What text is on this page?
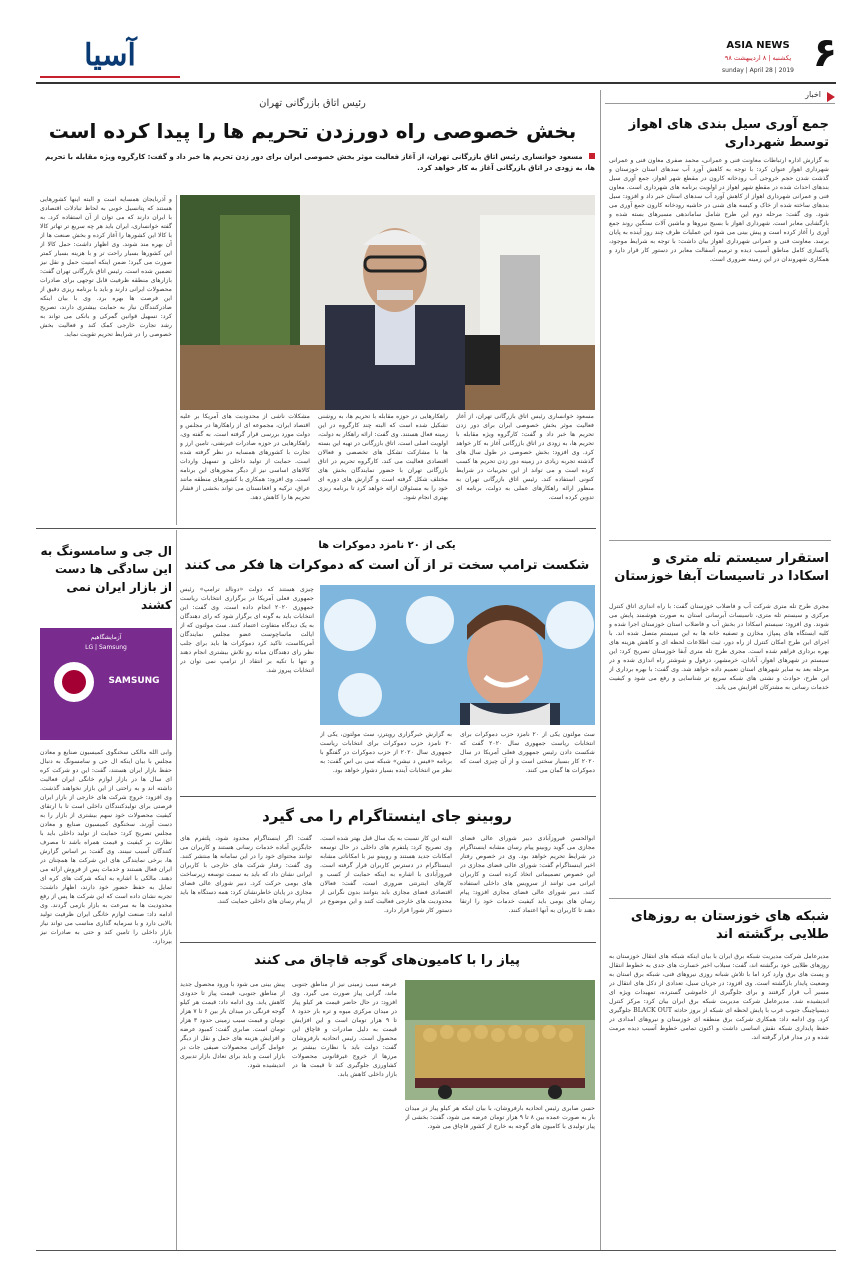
۶
ASIA NEWS
یکشنبه | ۸ اردیبهشت ۹۸
sunday | April 28 | 2019
آسیا
اخبار
جمع آوری سیل بندی های اهواز توسط شهرداری
به گزارش اداره ارتباطات معاونت فنی و عمرانی، محمد صفری معاون فنی و عمرانی شهرداری اهواز عنوان کرد: با توجه به کاهش آورد آب سدهای استان خوزستان و گذشت شدن حجم خروجی آب رودخانه کارون در مقطع شهر اهواز، جمع آوری سیل بندهای احداث شده در مقطع شهر اهواز در اولویت برنامه های شهرداری است. معاون فنی و عمرانی شهرداری اهواز از کاهش آورد آب سدهای استان خبر داد و افزود: سیل بندهای ساخته شده از خاک و کیسه های شنی در حاشیه رودخانه کارون جمع آوری می شود. وی گفت: مرحله دوم این طرح شامل ساماندهی مسیرهای بسته شده و بازگشایی معابر است. شهرداری اهواز با بسیج نیروها و ماشین آلات سنگین روند جمع آوری را آغاز کرده است و پیش بینی می شود این عملیات ظرف چند روز آینده به پایان برسد. معاونت فنی و عمرانی شهرداری اهواز بیان داشت: با توجه به شرایط موجود، پاکسازی کامل مناطق آسیب دیده و ترمیم آسفالت معابر در دستور کار قرار دارد و همکاری شهروندان در این زمینه ضروری است.
استقرار سیستم تله متری و اسکادا در تاسیسات آبفا خوزستان
مجری طرح تله متری شرکت آب و فاضلاب خوزستان گفت: با راه اندازی اتاق کنترل مرکزی و سیستم تله متری، تاسیسات آبرسانی استان به صورت هوشمند پایش می شوند. وی افزود: سیستم اسکادا در بخش آب و فاضلاب استان خوزستان اجرا شده و کلیه ایستگاه های پمپاژ، مخازن و تصفیه خانه ها به این سیستم متصل شده اند. با اجرای این طرح امکان کنترل از راه دور، ثبت اطلاعات لحظه ای و کاهش هزینه های بهره برداری فراهم شده است. مجری طرح تله متری آبفا خوزستان تصریح کرد: این سیستم در شهرهای اهواز، آبادان، خرمشهر، دزفول و شوشتر راه اندازی شده و در مرحله بعد به سایر شهرهای استان تعمیم داده خواهد شد. وی گفت: با بهره برداری از این طرح، حوادث و نشتی های شبکه سریع تر شناسایی و رفع می شود و کیفیت خدمات رسانی به مشترکان افزایش می یابد.
شبکه های خوزستان به روزهای طلایی برگشته اند
مدیرعامل شرکت مدیریت شبکه برق ایران با بیان اینکه شبکه های انتقال خوزستان به روزهای طلایی خود برگشته اند، گفت: سیلاب اخیر خسارت های جدی به خطوط انتقال و پست های برق وارد کرد اما با تلاش شبانه روزی نیروهای فنی، شبکه برق استان به وضعیت پایدار بازگشته است. وی افزود: در جریان سیل، تعدادی از دکل های انتقال در مسیر آب قرار گرفتند و برای جلوگیری از خاموشی گسترده، تمهیدات ویژه ای اندیشیده شد. مدیرعامل شرکت مدیریت شبکه برق ایران بیان کرد: مرکز کنترل دیسپاچینگ جنوب غرب با پایش لحظه ای شبکه از بروز حادثه BLACK OUT جلوگیری کرد. وی ادامه داد: همکاری شرکت برق منطقه ای خوزستان و نیروهای امدادی در حفظ پایداری شبکه نقش اساسی داشت و اکنون تمامی خطوط آسیب دیده مرمت شده و در مدار قرار گرفته اند.
رئیس اتاق بازرگانی تهران
بخش خصوصی راه دورزدن تحریم ها را پیدا کرده است
مسعود خوانساری رئیس اتاق بازرگانی تهران، از آغاز فعالیت موثر بخش خصوصی ایران برای دور زدن تحریم ها خبر داد و گفت: کارگروه ویژه مقابله با تحریم ها، به زودی در اتاق بازرگانی آغاز به کار خواهد کرد.
و آذربایجان همسایه است و البته اینها کشورهایی هستند که پتانسیل خوبی به لحاظ تبادلات اقتصادی با ایران دارند که می توان از آن استفاده کرد. به گفته خوانساری، ایران باید هر چه سریع تر تهاتر کالا با کالا این کشورها را آغاز کرده و بخش صنعت ها از آن بهره مند شوند. وی اظهار داشت: حمل کالا از این کشورها بسیار راحت تر و با هزینه بسیار کمتر صورت می گیرد؛ ضمن اینکه امنیت حمل و نقل نیز تضمین شده است. رئیس اتاق بازرگانی تهران گفت: بازارهای منطقه ظرفیت قابل توجهی برای صادرات محصولات ایرانی دارند و باید با برنامه ریزی دقیق از این فرصت ها بهره برد. وی با بیان اینکه صادرکنندگان نیاز به حمایت بیشتری دارند، تصریح کرد: تسهیل قوانین گمرکی و بانکی می تواند به رشد تجارت خارجی کمک کند و فعالیت بخش خصوصی را در شرایط تحریم تقویت نماید.
مشکلات ناشی از محدودیت های آمریکا بر علیه اقتصاد ایران، مجموعه ای از راهکارها در مجلس و دولت مورد بررسی قرار گرفته است. به گفته وی، راهکارهایی در حوزه صادرات غیرنفتی، تامین ارز و تجارت با کشورهای همسایه در نظر گرفته شده است. حمایت از تولید داخلی و تسهیل واردات کالاهای اساسی نیز از دیگر محورهای این برنامه است. وی افزود: همکاری با کشورهای منطقه مانند عراق، ترکیه و افغانستان می تواند بخشی از فشار تحریم ها را کاهش دهد.
راهکارهایی در حوزه مقابله با تحریم ها، به روشنی تشکیل شده است که البته چند کارگروه در این زمینه فعال هستند. وی گفت: ارائه راهکار به دولت، اولویت اصلی است. اتاق بازرگانی در تهیه این بسته ها با مشارکت تشکل های تخصصی و فعالان اقتصادی فعالیت می کند. کارگروه تحریم در اتاق بازرگانی تهران با حضور نمایندگان بخش های مختلف شکل گرفته است و گزارش های دوره ای خود را به مسئولان ارائه خواهد کرد تا برنامه ریزی بهتری انجام شود.
مسعود خوانساری رئیس اتاق بازرگانی تهران، از آغاز فعالیت موثر بخش خصوصی ایران برای دور زدن تحریم ها خبر داد و گفت: کارگروه ویژه مقابله با تحریم ها، به زودی در اتاق بازرگانی آغاز به کار خواهد کرد. وی افزود: بخش خصوصی در طول سال های گذشته تجربه زیادی در زمینه دور زدن تحریم ها کسب کرده است و می تواند از این تجربیات در شرایط کنونی استفاده کند. رئیس اتاق بازرگانی تهران به منظور ارائه راهکارهای عملی به دولت، برنامه ای تدوین کرده است.
یکی از ۲۰ نامزد دموکرات ها
شکست ترامپ سخت تر از آن است که دموکرات ها فکر می کنند
چیزی هستند که دولت «دونالد ترامپ» رئیس جمهوری فعلی آمریکا در برگزاری انتخابات ریاست جمهوری ۲۰۲۰ انجام داده است. وی گفت: این انتخابات باید به گونه ای برگزار شود که رای دهندگان به یک دیدگاه متفاوت اعتماد کنند. سث مولتون که از ایالت ماساچوست عضو مجلس نمایندگان آمریکاست، تاکید کرد دموکرات ها باید برای جلب نظر رای دهندگان میانه رو تلاش بیشتری انجام دهند و تنها با تکیه بر انتقاد از ترامپ نمی توان در انتخابات پیروز شد.
به گزارش خبرگزاری رویترز، سث مولتون، یکی از ۲۰ نامزد حزب دموکرات برای انتخابات ریاست جمهوری سال ۲۰۲۰ از حزب دموکرات در گفتگو با برنامه «فیس د نیشن» شبکه سی بی اس گفت: به نظر من انتخابات آینده بسیار دشوار خواهد بود.
سث مولتون یکی از ۲۰ نامزد حزب دموکرات برای انتخابات ریاست جمهوری سال ۲۰۲۰ گفت که شکست دادن رئیس جمهوری فعلی آمریکا در سال ۲۰۲۰ کار بسیار سختی است و از آن چیزی است که دموکرات ها گمان می کنند.
ال جی و سامسونگ به این سادگی ها دست از بازار ایران نمی کشند
آزمایشگاهیم
LG | Samsung
SAMSUNG
وابی الله مالکی سخنگوی کمیسیون صنایع و معادن مجلس با بیان اینکه ال جی و سامسونگ به دنبال حفظ بازار ایران هستند، گفت: این دو شرکت کره ای سال ها در بازار لوازم خانگی ایران فعالیت داشته اند و به راحتی از این بازار نخواهند گذشت. وی افزود: خروج شرکت های خارجی از بازار ایران فرصتی برای تولیدکنندگان داخلی است تا با ارتقای کیفیت محصولات خود سهم بیشتری از بازار را به دست آورند. سخنگوی کمیسیون صنایع و معادن مجلس تصریح کرد: حمایت از تولید داخلی باید با نظارت بر کیفیت و قیمت همراه باشد تا مصرف کنندگان آسیب نبینند. وی گفت: بر اساس گزارش ها، برخی نمایندگی های این شرکت ها همچنان در ایران فعال هستند و خدمات پس از فروش ارائه می دهند. مالکی با اشاره به اینکه شرکت های کره ای تمایل به حفظ حضور خود دارند، اظهار داشت: تجربه نشان داده است که این شرکت ها پس از رفع محدودیت ها به سرعت به بازار بازمی گردند. وی ادامه داد: صنعت لوازم خانگی ایران ظرفیت تولید بالایی دارد و با سرمایه گذاری مناسب می تواند نیاز بازار داخلی را تامین کند و حتی به صادرات نیز بپردازد.
روبینو جای اینستاگرام را می گیرد
گفت: اگر اینستاگرام محدود شود، پلتفرم های جایگزین آماده خدمات رسانی هستند و کاربران می توانند محتوای خود را در این سامانه ها منتشر کنند. وی گفت: رفتار شرکت های خارجی با کاربران ایرانی نشان داد که باید به سمت توسعه زیرساخت های بومی حرکت کرد. دبیر شورای عالی فضای مجازی در پایان خاطرنشان کرد: همه دستگاه ها باید از پیام رسان های داخلی حمایت کنند.
البته این کار نسبت به یک سال قبل بهتر شده است. وی تصریح کرد: پلتفرم های داخلی در حال توسعه امکانات جدید هستند و روبینو نیز با امکاناتی مشابه اینستاگرام در دسترس کاربران قرار گرفته است. فیروزآبادی با اشاره به اینکه حمایت از کسب و کارهای اینترنتی ضروری است، گفت: فعالان اقتصادی فضای مجازی باید بتوانند بدون نگرانی از محدودیت های خارجی فعالیت کنند و این موضوع در دستور کار شورا قرار دارد.
ابوالحسن فیروزآبادی دبیر شورای عالی فضای مجازی می گوید روبینو پیام رسان مشابه اینستاگرام در شرایط تحریم خواهد بود. وی در خصوص رفتار اخیر اینستاگرام گفت: شورای عالی فضای مجازی در این خصوص تصمیماتی اتخاذ کرده است و کاربران ایرانی می توانند از سرویس های داخلی استفاده کنند. دبیر شورای عالی فضای مجازی افزود: پیام رسان های بومی باید کیفیت خدمات خود را ارتقا دهند تا کاربران به آنها اعتماد کنند.
پیاز را با کامیون‌های گوجه قاچاق می کنند
حسن صابری رئیس اتحادیه بارفروشان، با بیان اینکه هر کیلو پیاز در میدان بار به صورت عمده بین ۸ تا ۹ هزار تومان عرضه می شود، گفت: بخشی از پیاز تولیدی با کامیون های گوجه به خارج از کشور قاچاق می شود.
پیش بینی می شود با ورود محصول جدید از مناطق جنوبی، قیمت پیاز تا حدودی کاهش یابد. وی ادامه داد: قیمت هر کیلو گوجه فرنگی در میدان بار بین ۶ تا ۷ هزار تومان و قیمت سیب زمینی حدود ۳ هزار تومان است. صابری گفت: کمبود عرضه و افزایش هزینه های حمل و نقل از دیگر عوامل گرانی محصولات صیفی جات در بازار است و باید برای تعادل بازار تدبیری اندیشیده شود.
عرضه سیب زمینی نیز از مناطق جنوبی ماند، گرانی پیاز صورت می گیرد. وی افزود: در حال حاضر قیمت هر کیلو پیاز در میدان مرکزی میوه و تره بار حدود ۸ تا ۹ هزار تومان است و این افزایش قیمت به دلیل صادرات و قاچاق این محصول است. رئیس اتحادیه بارفروشان گفت: دولت باید با نظارت بیشتر بر مرزها از خروج غیرقانونی محصولات کشاورزی جلوگیری کند تا قیمت ها در بازار داخلی کاهش یابد.
